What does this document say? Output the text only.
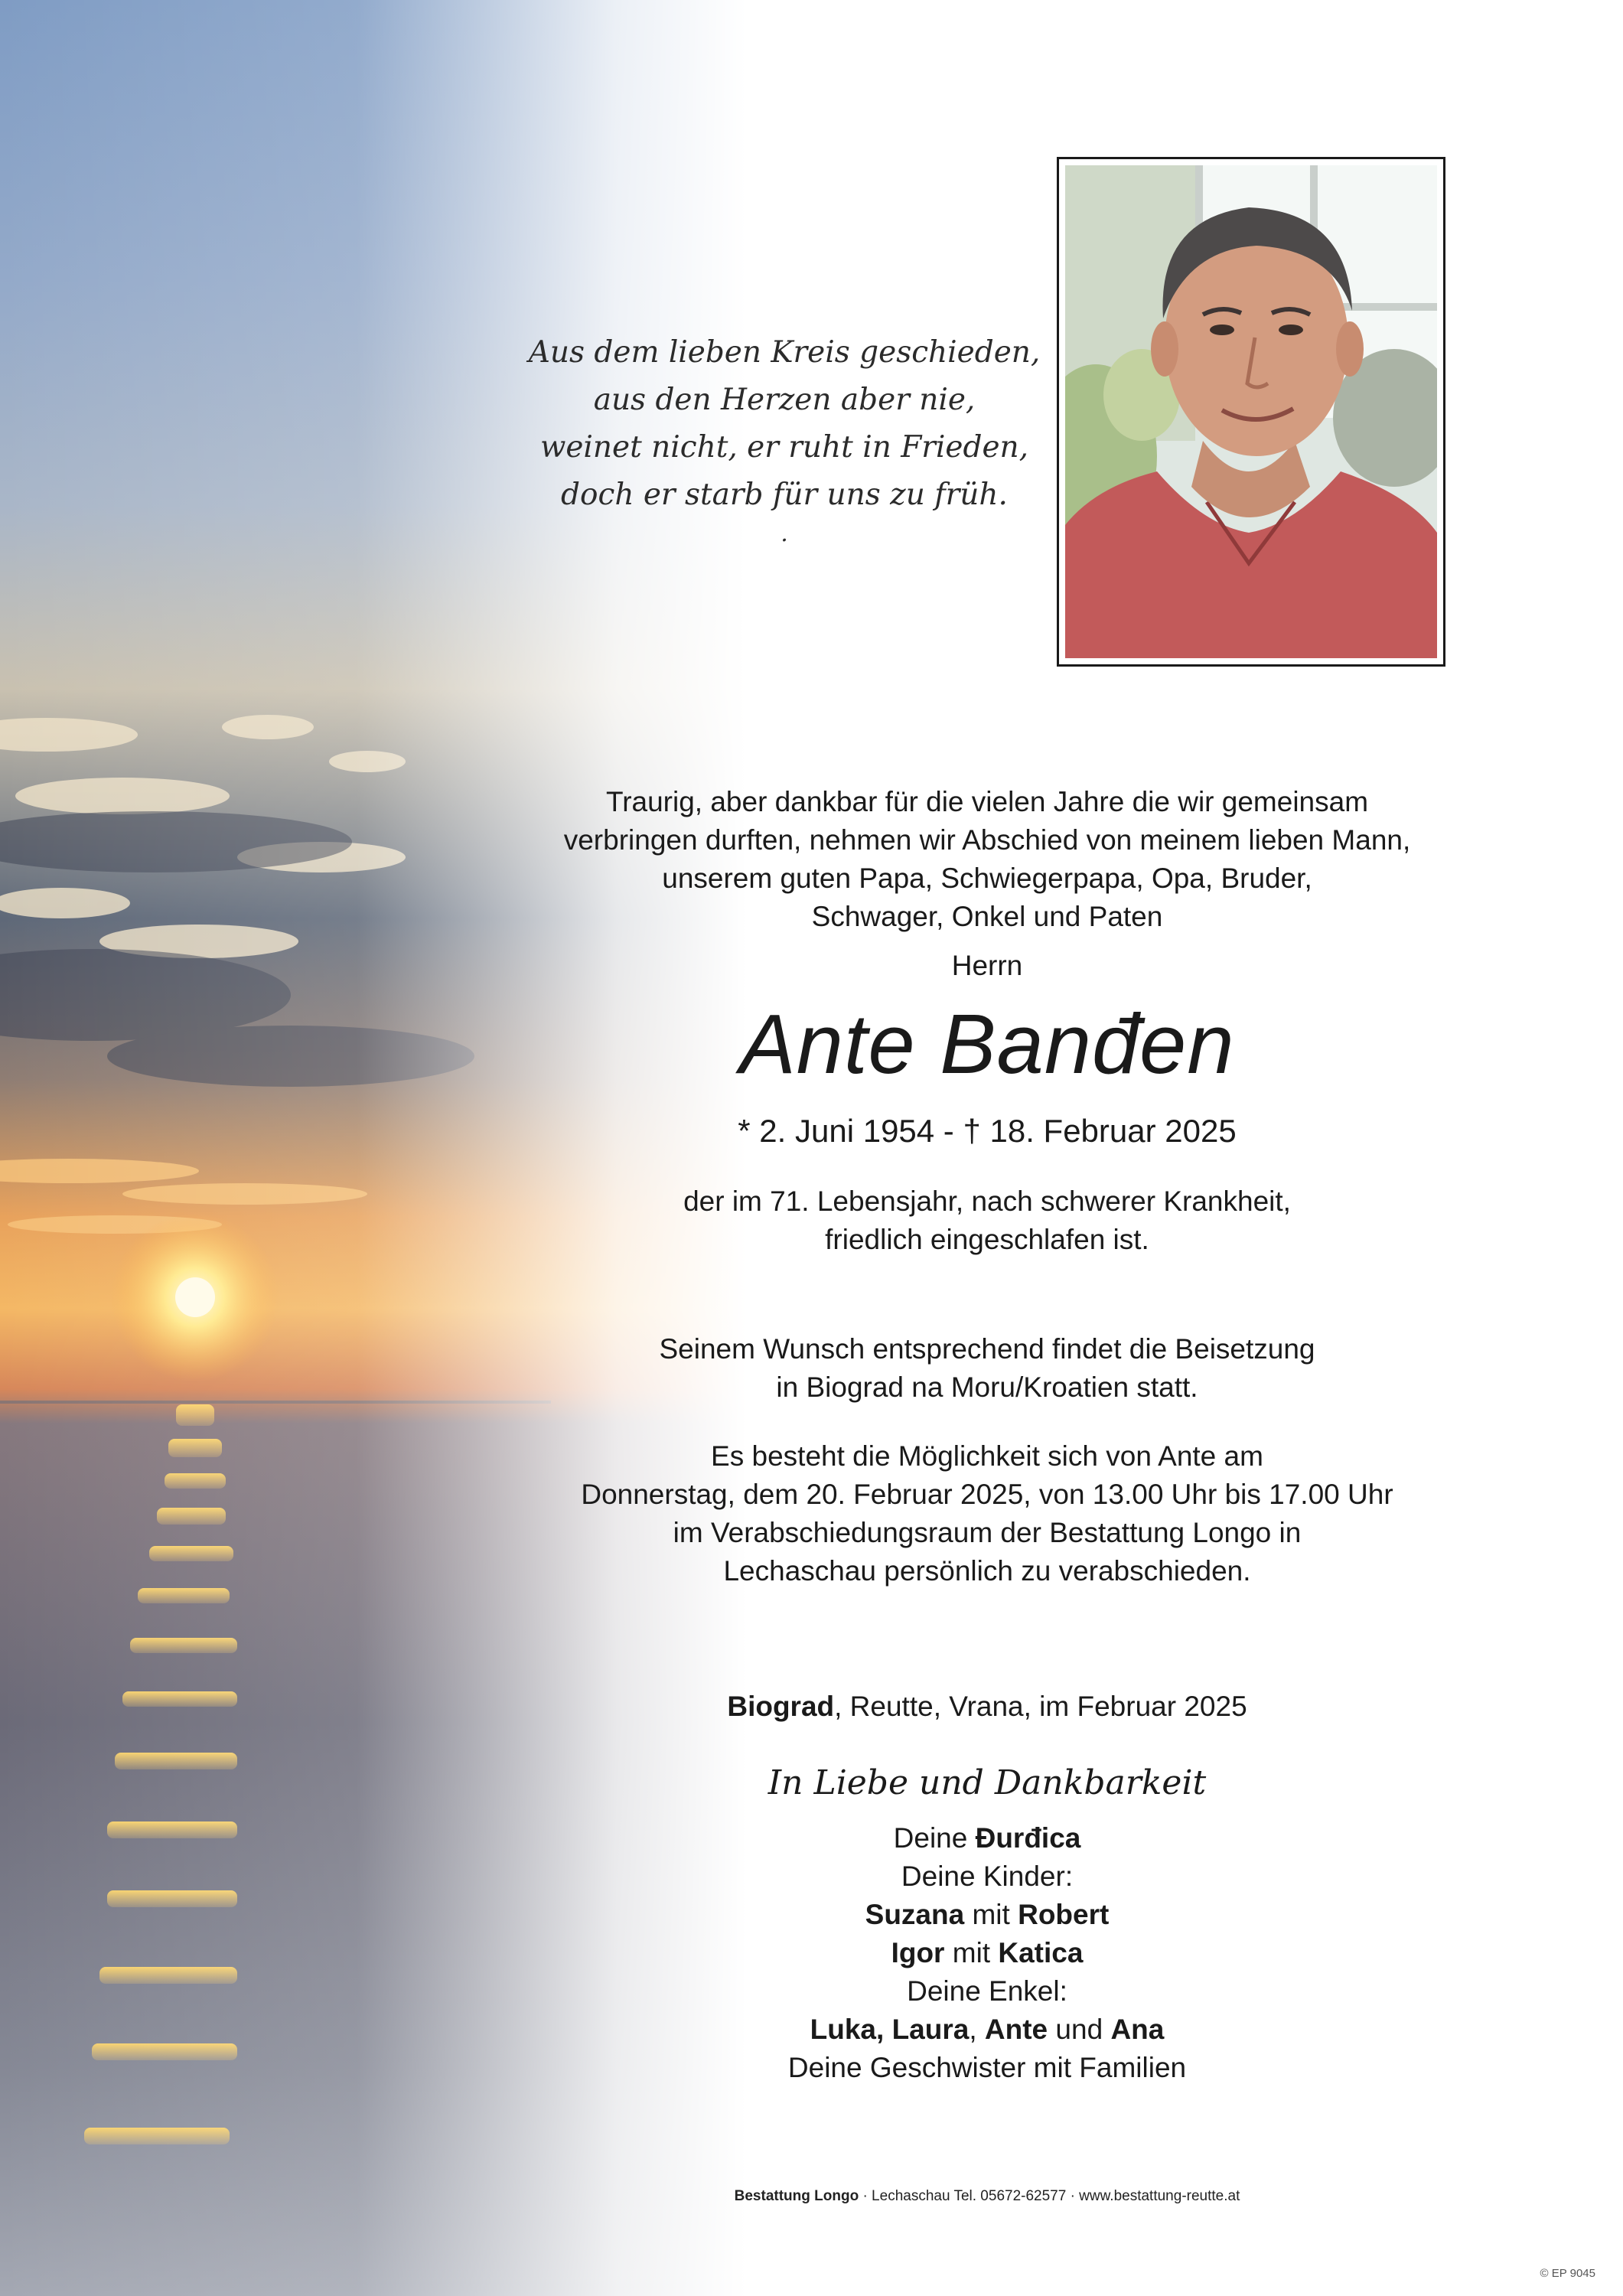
Aus dem lieben Kreis geschieden,
aus den Herzen aber nie,
weinet nicht, er ruht in Frieden,
doch er starb für uns zu früh.
.
Traurig, aber dankbar für die vielen Jahre die wir gemeinsam
verbringen durften, nehmen wir Abschied von meinem lieben Mann,
unserem guten Papa, Schwiegerpapa, Opa, Bruder,
Schwager, Onkel und Paten
Herrn
Ante Banđen
* 2. Juni 1954 - † 18. Februar 2025
der im 71. Lebensjahr, nach schwerer Krankheit,
friedlich eingeschlafen ist.
Seinem Wunsch entsprechend findet die Beisetzung
in Biograd na Moru/Kroatien statt.
Es besteht die Möglichkeit sich von Ante am
Donnerstag, dem 20. Februar 2025, von 13.00 Uhr bis 17.00 Uhr
im Verabschiedungsraum der Bestattung Longo in
Lechaschau persönlich zu verabschieden.
Biograd, Reutte, Vrana, im Februar 2025
In Liebe und Dankbarkeit
Deine Đurđica
Deine Kinder:
Suzana mit Robert
Igor mit Katica
Deine Enkel:
Luka, Laura, Ante und Ana
Deine Geschwister mit Familien
Bestattung Longo · Lechaschau Tel. 05672-62577 · www.bestattung-reutte.at
© EP 9045
